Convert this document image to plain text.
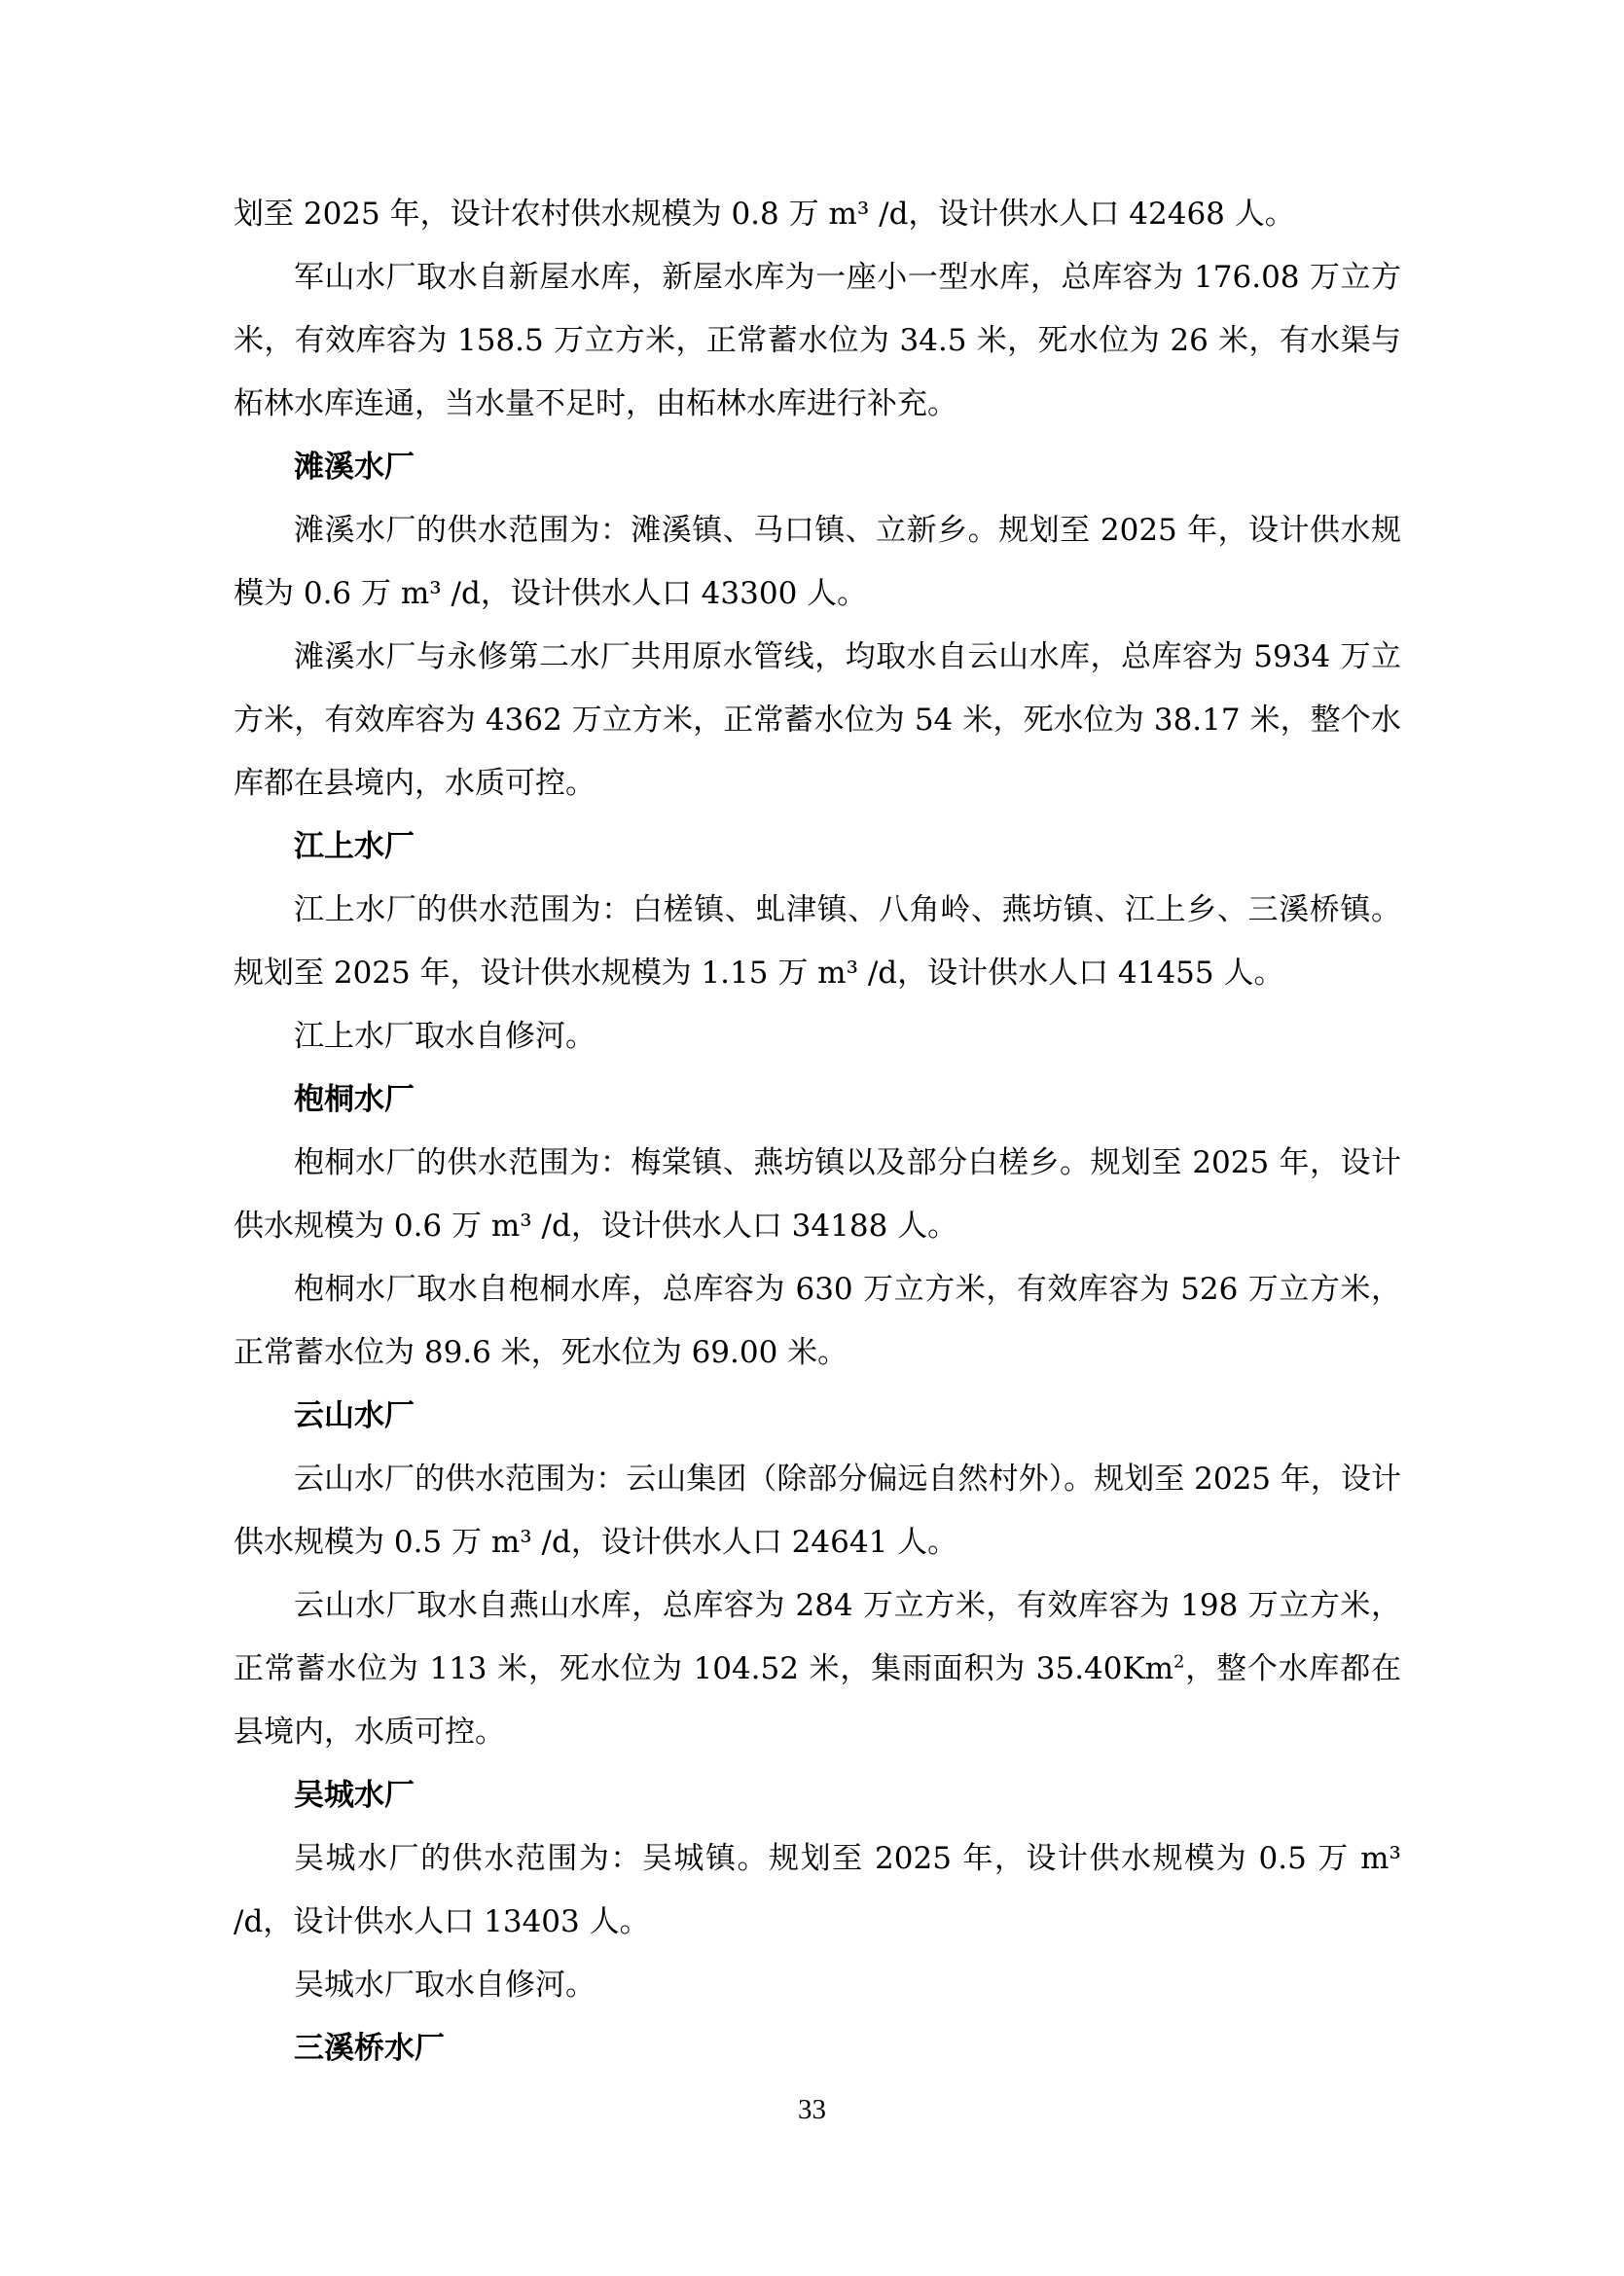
划至 2025 年，设计农村供水规模为 0.8 万 m³ /d，设计供水人口 42468 人。

军山水厂取水自新屋水库，新屋水库为一座小一型水库，总库容为 176.08 万立方米，有效库容为 158.5 万立方米，正常蓄水位为 34.5 米，死水位为 26 米，有水渠与柘林水库连通，当水量不足时，由柘林水库进行补充。

滩溪水厂

滩溪水厂的供水范围为：滩溪镇、马口镇、立新乡。规划至 2025 年，设计供水规模为 0.6 万 m³ /d，设计供水人口 43300 人。

滩溪水厂与永修第二水厂共用原水管线，均取水自云山水库，总库容为 5934 万立方米，有效库容为 4362 万立方米，正常蓄水位为 54 米，死水位为 38.17 米，整个水库都在县境内，水质可控。

江上水厂

江上水厂的供水范围为：白槎镇、虬津镇、八角岭、燕坊镇、江上乡、三溪桥镇。规划至 2025 年，设计供水规模为 1.15 万 m³ /d，设计供水人口 41455 人。

江上水厂取水自修河。

枹桐水厂

枹桐水厂的供水范围为：梅棠镇、燕坊镇以及部分白槎乡。规划至 2025 年，设计供水规模为 0.6 万 m³ /d，设计供水人口 34188 人。

枹桐水厂取水自枹桐水库，总库容为 630 万立方米，有效库容为 526 万立方米，正常蓄水位为 89.6 米，死水位为 69.00 米。

云山水厂

云山水厂的供水范围为：云山集团（除部分偏远自然村外）。规划至 2025 年，设计供水规模为 0.5 万 m³ /d，设计供水人口 24641 人。

云山水厂取水自燕山水库，总库容为 284 万立方米，有效库容为 198 万立方米，正常蓄水位为 113 米，死水位为 104.52 米，集雨面积为 35.40Km$^2$，整个水库都在县境内，水质可控。

吴城水厂

吴城水厂的供水范围为：吴城镇。规划至 2025 年，设计供水规模为 0.5 万 m³ /d，设计供水人口 13403 人。

吴城水厂取水自修河。

三溪桥水厂

33
